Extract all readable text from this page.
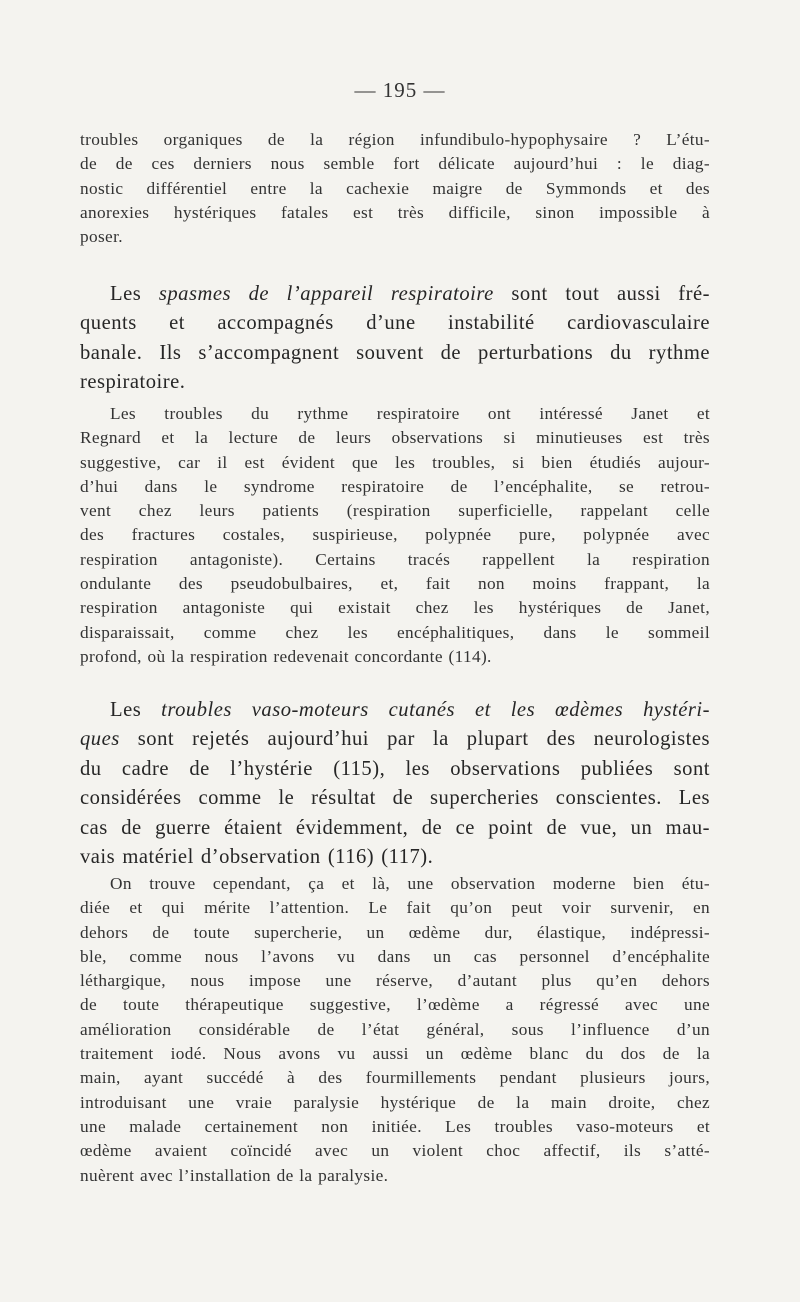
— 195 —

troubles organiques de la région infundibulo-hypophysaire ? L’étu-
de de ces derniers nous semble fort délicate aujourd’hui : le diag-
nostic différentiel entre la cachexie maigre de Symmonds et des
anorexies hystériques fatales est très difficile, sinon impossible à
poser.

Les spasmes de l’appareil respiratoire sont tout aussi fré-
quents et accompagnés d’une instabilité cardiovasculaire
banale. Ils s’accompagnent souvent de perturbations du rythme
respiratoire.

Les troubles du rythme respiratoire ont intéressé Janet et
Regnard et la lecture de leurs observations si minutieuses est très
suggestive, car il est évident que les troubles, si bien étudiés aujour-
d’hui dans le syndrome respiratoire de l’encéphalite, se retrou-
vent chez leurs patients (respiration superficielle, rappelant celle
des fractures costales, suspirieuse, polypnée pure, polypnée avec
respiration antagoniste). Certains tracés rappellent la respiration
ondulante des pseudobulbaires, et, fait non moins frappant, la
respiration antagoniste qui existait chez les hystériques de Janet,
disparaissait, comme chez les encéphalitiques, dans le sommeil
profond, où la respiration redevenait concordante (114).

Les troubles vaso-moteurs cutanés et les œdèmes hystéri-
ques sont rejetés aujourd’hui par la plupart des neurologistes
du cadre de l’hystérie (115), les observations publiées sont
considérées comme le résultat de supercheries conscientes. Les
cas de guerre étaient évidemment, de ce point de vue, un mau-
vais matériel d’observation (116) (117).

On trouve cependant, ça et là, une observation moderne bien étu-
diée et qui mérite l’attention. Le fait qu’on peut voir survenir, en
dehors de toute supercherie, un œdème dur, élastique, indépressi-
ble, comme nous l’avons vu dans un cas personnel d’encéphalite
léthargique, nous impose une réserve, d’autant plus qu’en dehors
de toute thérapeutique suggestive, l’œdème a régressé avec une
amélioration considérable de l’état général, sous l’influence d’un
traitement iodé. Nous avons vu aussi un œdème blanc du dos de la
main, ayant succédé à des fourmillements pendant plusieurs jours,
introduisant une vraie paralysie hystérique de la main droite, chez
une malade certainement non initiée. Les troubles vaso-moteurs et
œdème avaient coïncidé avec un violent choc affectif, ils s’atté-
nuèrent avec l’installation de la paralysie.
